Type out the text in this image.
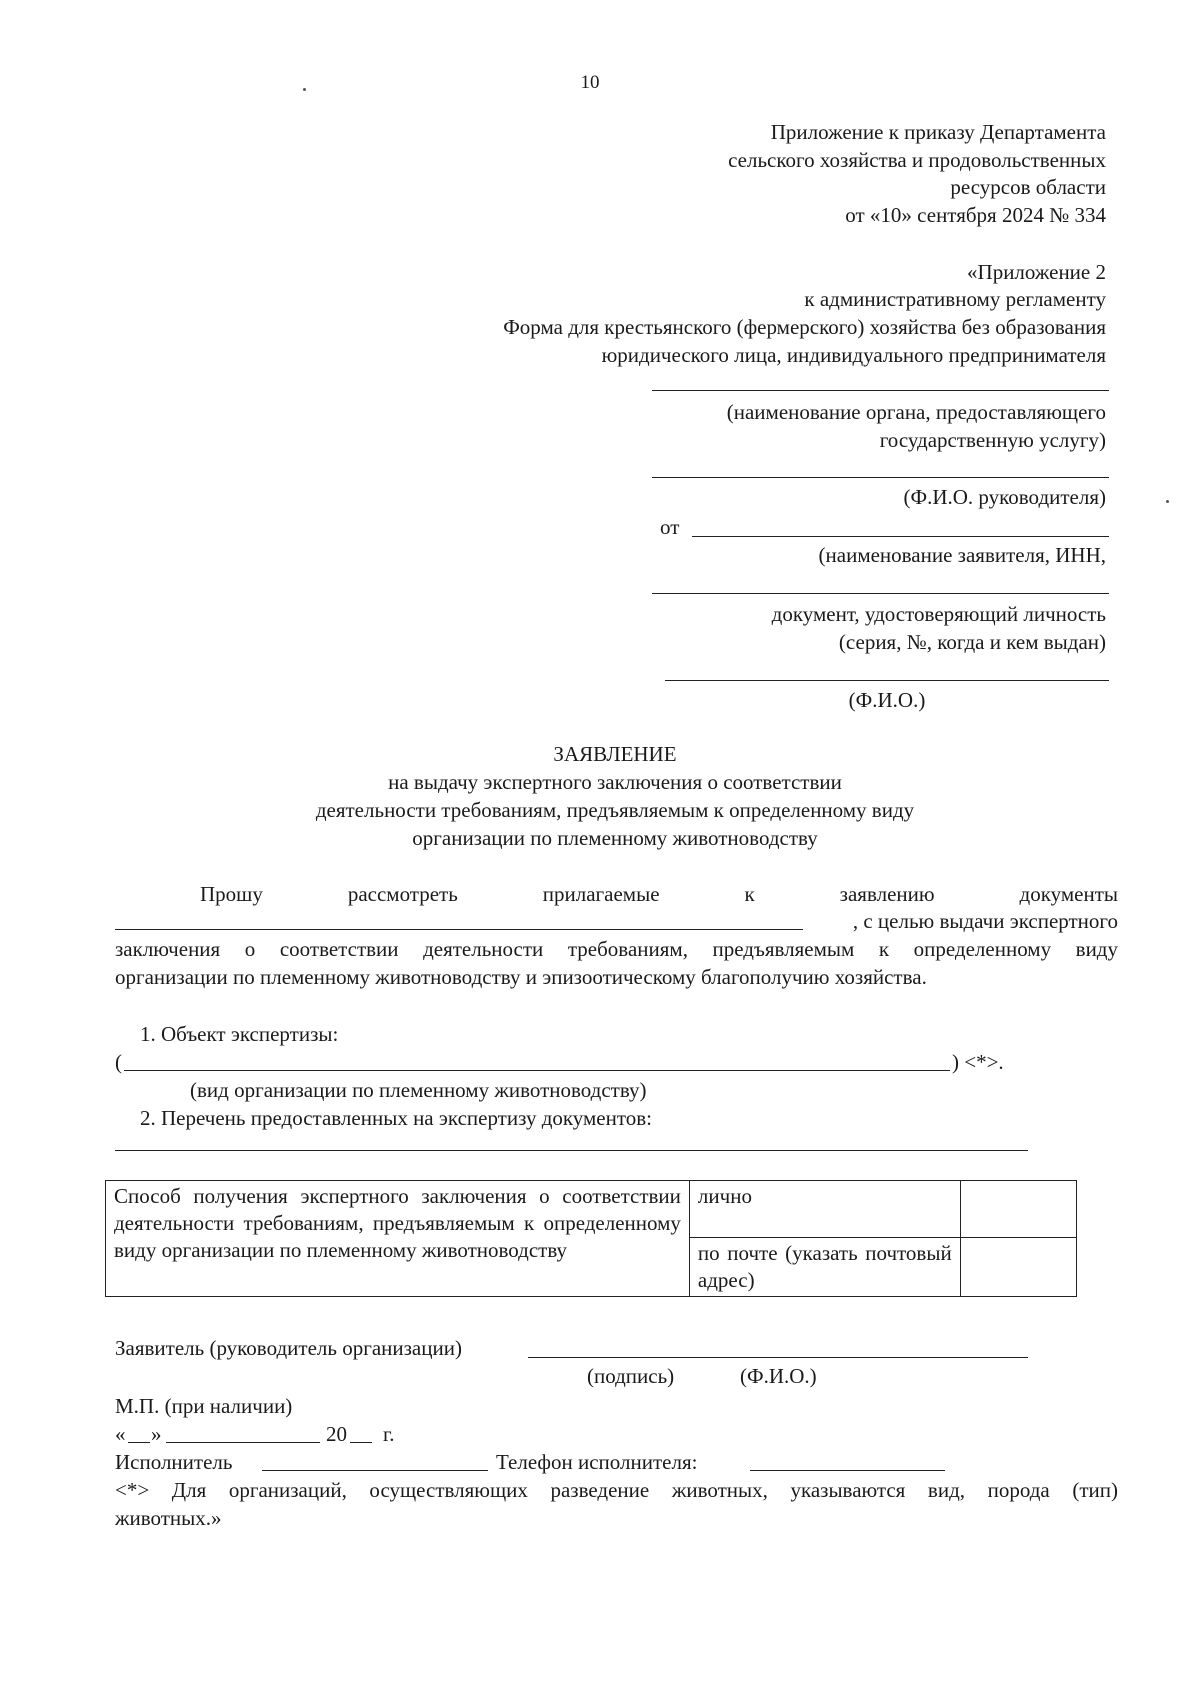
10
Приложение к приказу Департамента
сельского хозяйства и продовольственных
ресурсов области
от «10» сентября 2024 № 334
«Приложение 2
к административному регламенту
Форма для крестьянского (фермерского) хозяйства без образования
юридического лица, индивидуального предпринимателя
(наименование органа, предоставляющего
государственную услугу)
(Ф.И.О. руководителя)
от
(наименование заявителя, ИНН,
документ, удостоверяющий личность
(серия, №, когда и кем выдан)
(Ф.И.О.)
ЗАЯВЛЕНИЕ
на выдачу экспертного заключения о соответствии
деятельности требованиям, предъявляемым к определенному виду
организации по племенному животноводству
Прошу	рассмотреть	прилагаемые	к	заявлению	документы
, с целью выдачи экспертного
заключения о соответствии деятельности требованиям, предъявляемым к определенному виду
организации по племенному животноводству и эпизоотическому благополучию хозяйства.
1. Объект экспертизы:
(	) <*>.
(вид организации по племенному животноводству)
2. Перечень предоставленных на экспертизу документов:
Способ получения экспертного заключения о соответствии деятельности требованиям, предъявляемым к определенному виду организации по племенному животноводству	лично	
	по почте (указать почтовый адрес)	
Заявитель (руководитель организации)
(подпись)	(Ф.И.О.)
М.П. (при наличии)
« »	20 г.
Исполнитель	Телефон исполнителя:
<*> Для организаций, осуществляющих разведение животных, указываются вид, порода (тип)
животных.»
